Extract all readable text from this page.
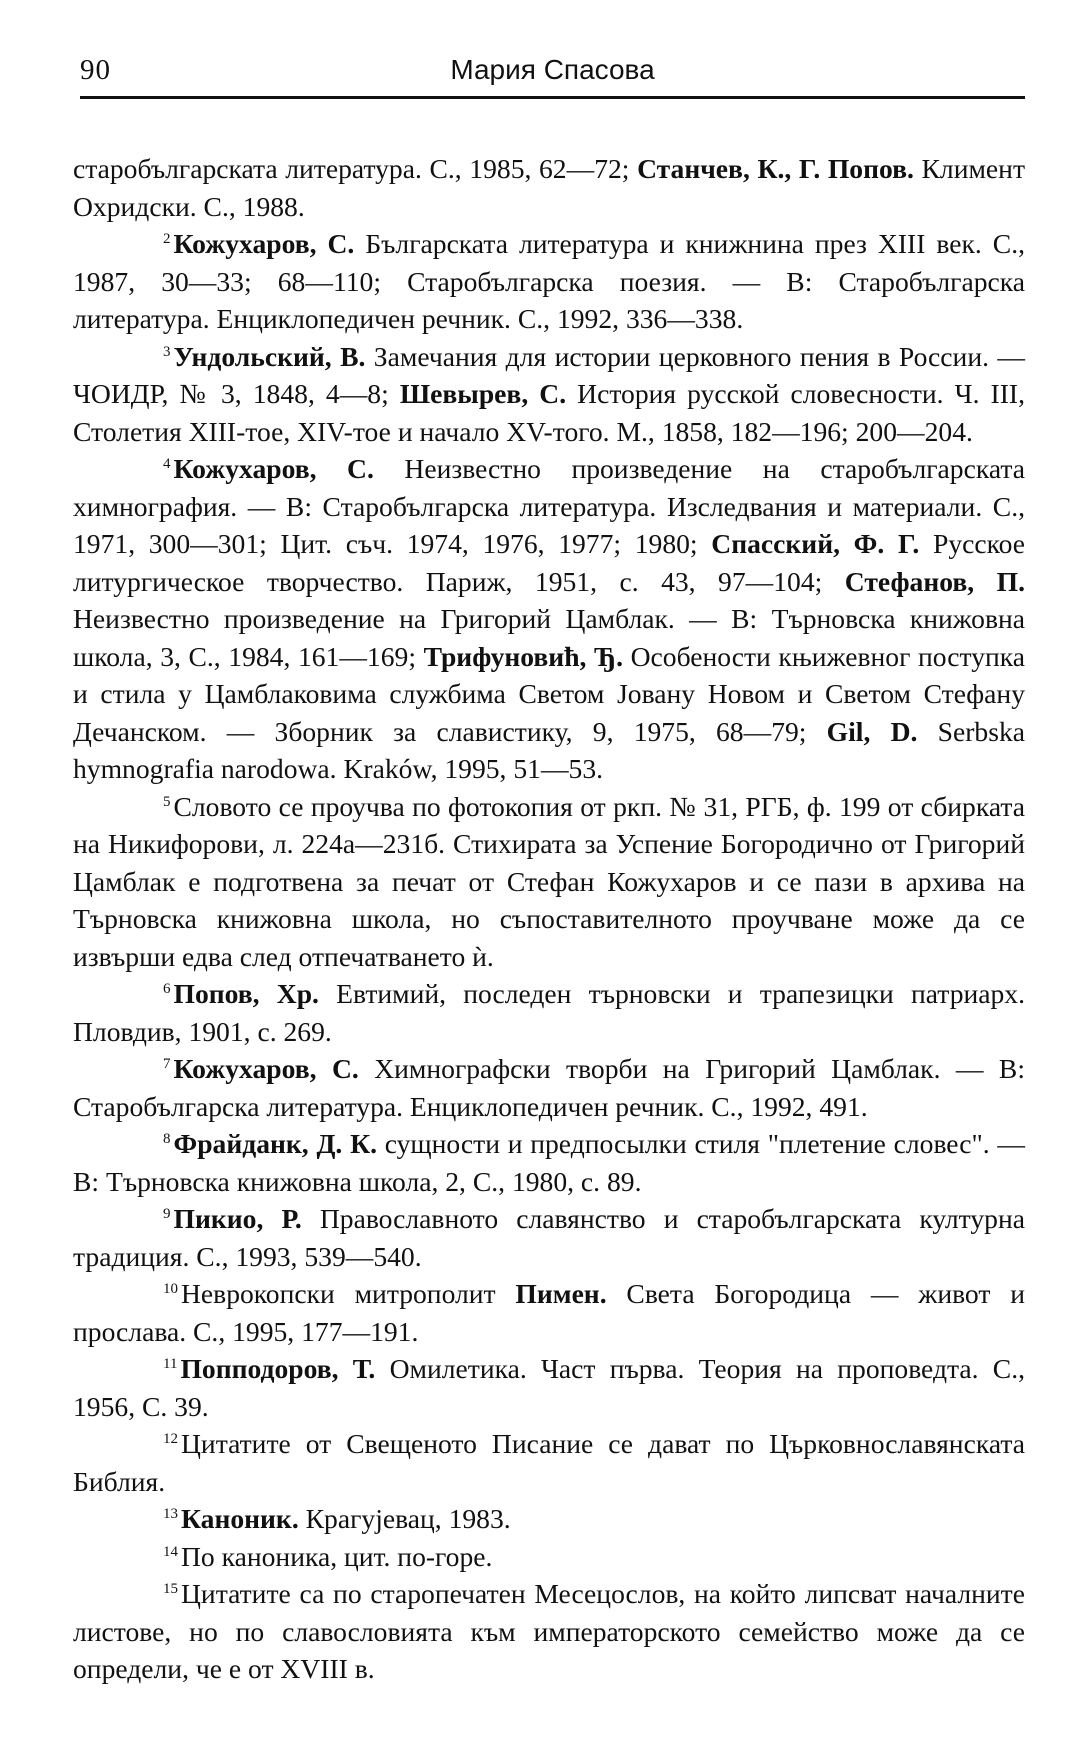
90	Мария Спасова

старобългарската литература. С., 1985, 62—72; Станчев, К., Г. Попов. Климент Охридски. С., 1988.

$^2$ Кожухаров, С. Българската литература и книжнина през XIII век. С., 1987, 30—33; 68—110; Старобългарска поезия. — В: Старобългарска литература. Енциклопедичен речник. С., 1992, 336—338.

$^3$ Ундольский, В. Замечания для истории церковного пения в России. — ЧОИДР, № 3, 1848, 4—8; Шевырев, С. История русской словесности. Ч. III, Столетия XIII-тое, XIV-тое и начало XV-того. М., 1858, 182—196; 200—204.

$^4$ Кожухаров, С. Неизвестно произведение на старобългарската химнография. — В: Старобългарска литература. Изследвания и материали. С., 1971, 300—301; Цит. съч. 1974, 1976, 1977; 1980; Спасский, Ф. Г. Русское литургическое творчество. Париж, 1951, с. 43, 97—104; Стефанов, П. Неизвестно произведение на Григорий Цамблак. — В: Търновска книжовна школа, 3, С., 1984, 161—169; Трифуновић, Ђ. Особености књижевног поступка и стила у Цамблаковима службима Светом Јовану Новом и Светом Стефану Дечанском. — Зборник за славистику, 9, 1975, 68—79; Gil, D. Serbska hymnografia narodowa. Kraków, 1995, 51—53.

$^5$ Словото се проучва по фотокопия от ркп. № 31, РГБ, ф. 199 от сбирката на Никифорови, л. 224а—231б. Стихирата за Успение Богородично от Григорий Цамблак е подготвена за печат от Стефан Кожухаров и се пази в архива на Търновска книжовна школа, но съпоставителното проучване може да се извърши едва след отпечатването ѝ.

$^6$ Попов, Хр. Евтимий, последен търновски и трапезицки патриарх. Пловдив, 1901, с. 269.

$^7$ Кожухаров, С. Химнографски творби на Григорий Цамблак. — В: Старобългарска литература. Енциклопедичен речник. С., 1992, 491.

$^8$ Фрайданк, Д. К. сущности и предпосылки стиля "плетение словес". — В: Търновска книжовна школа, 2, С., 1980, с. 89.

$^9$ Пикио, Р. Православното славянство и старобългарската културна традиция. С., 1993, 539—540.

$^{10}$ Неврокопски митрополит Пимен. Света Богородица — живот и прослава. С., 1995, 177—191.

$^{11}$ Попподоров, Т. Омилетика. Част първа. Теория на проповедта. С., 1956, С. 39.

$^{12}$ Цитатите от Свещеното Писание се дават по Църковнославянската Библия.

$^{13}$ Каноник. Крагујевац, 1983.

$^{14}$ По каноника, цит. по-горе.

$^{15}$ Цитатите са по старопечатен Месецослов, на който липсват началните листове, но по славословията към императорското семейство може да се определи, че е от XVIII в.
